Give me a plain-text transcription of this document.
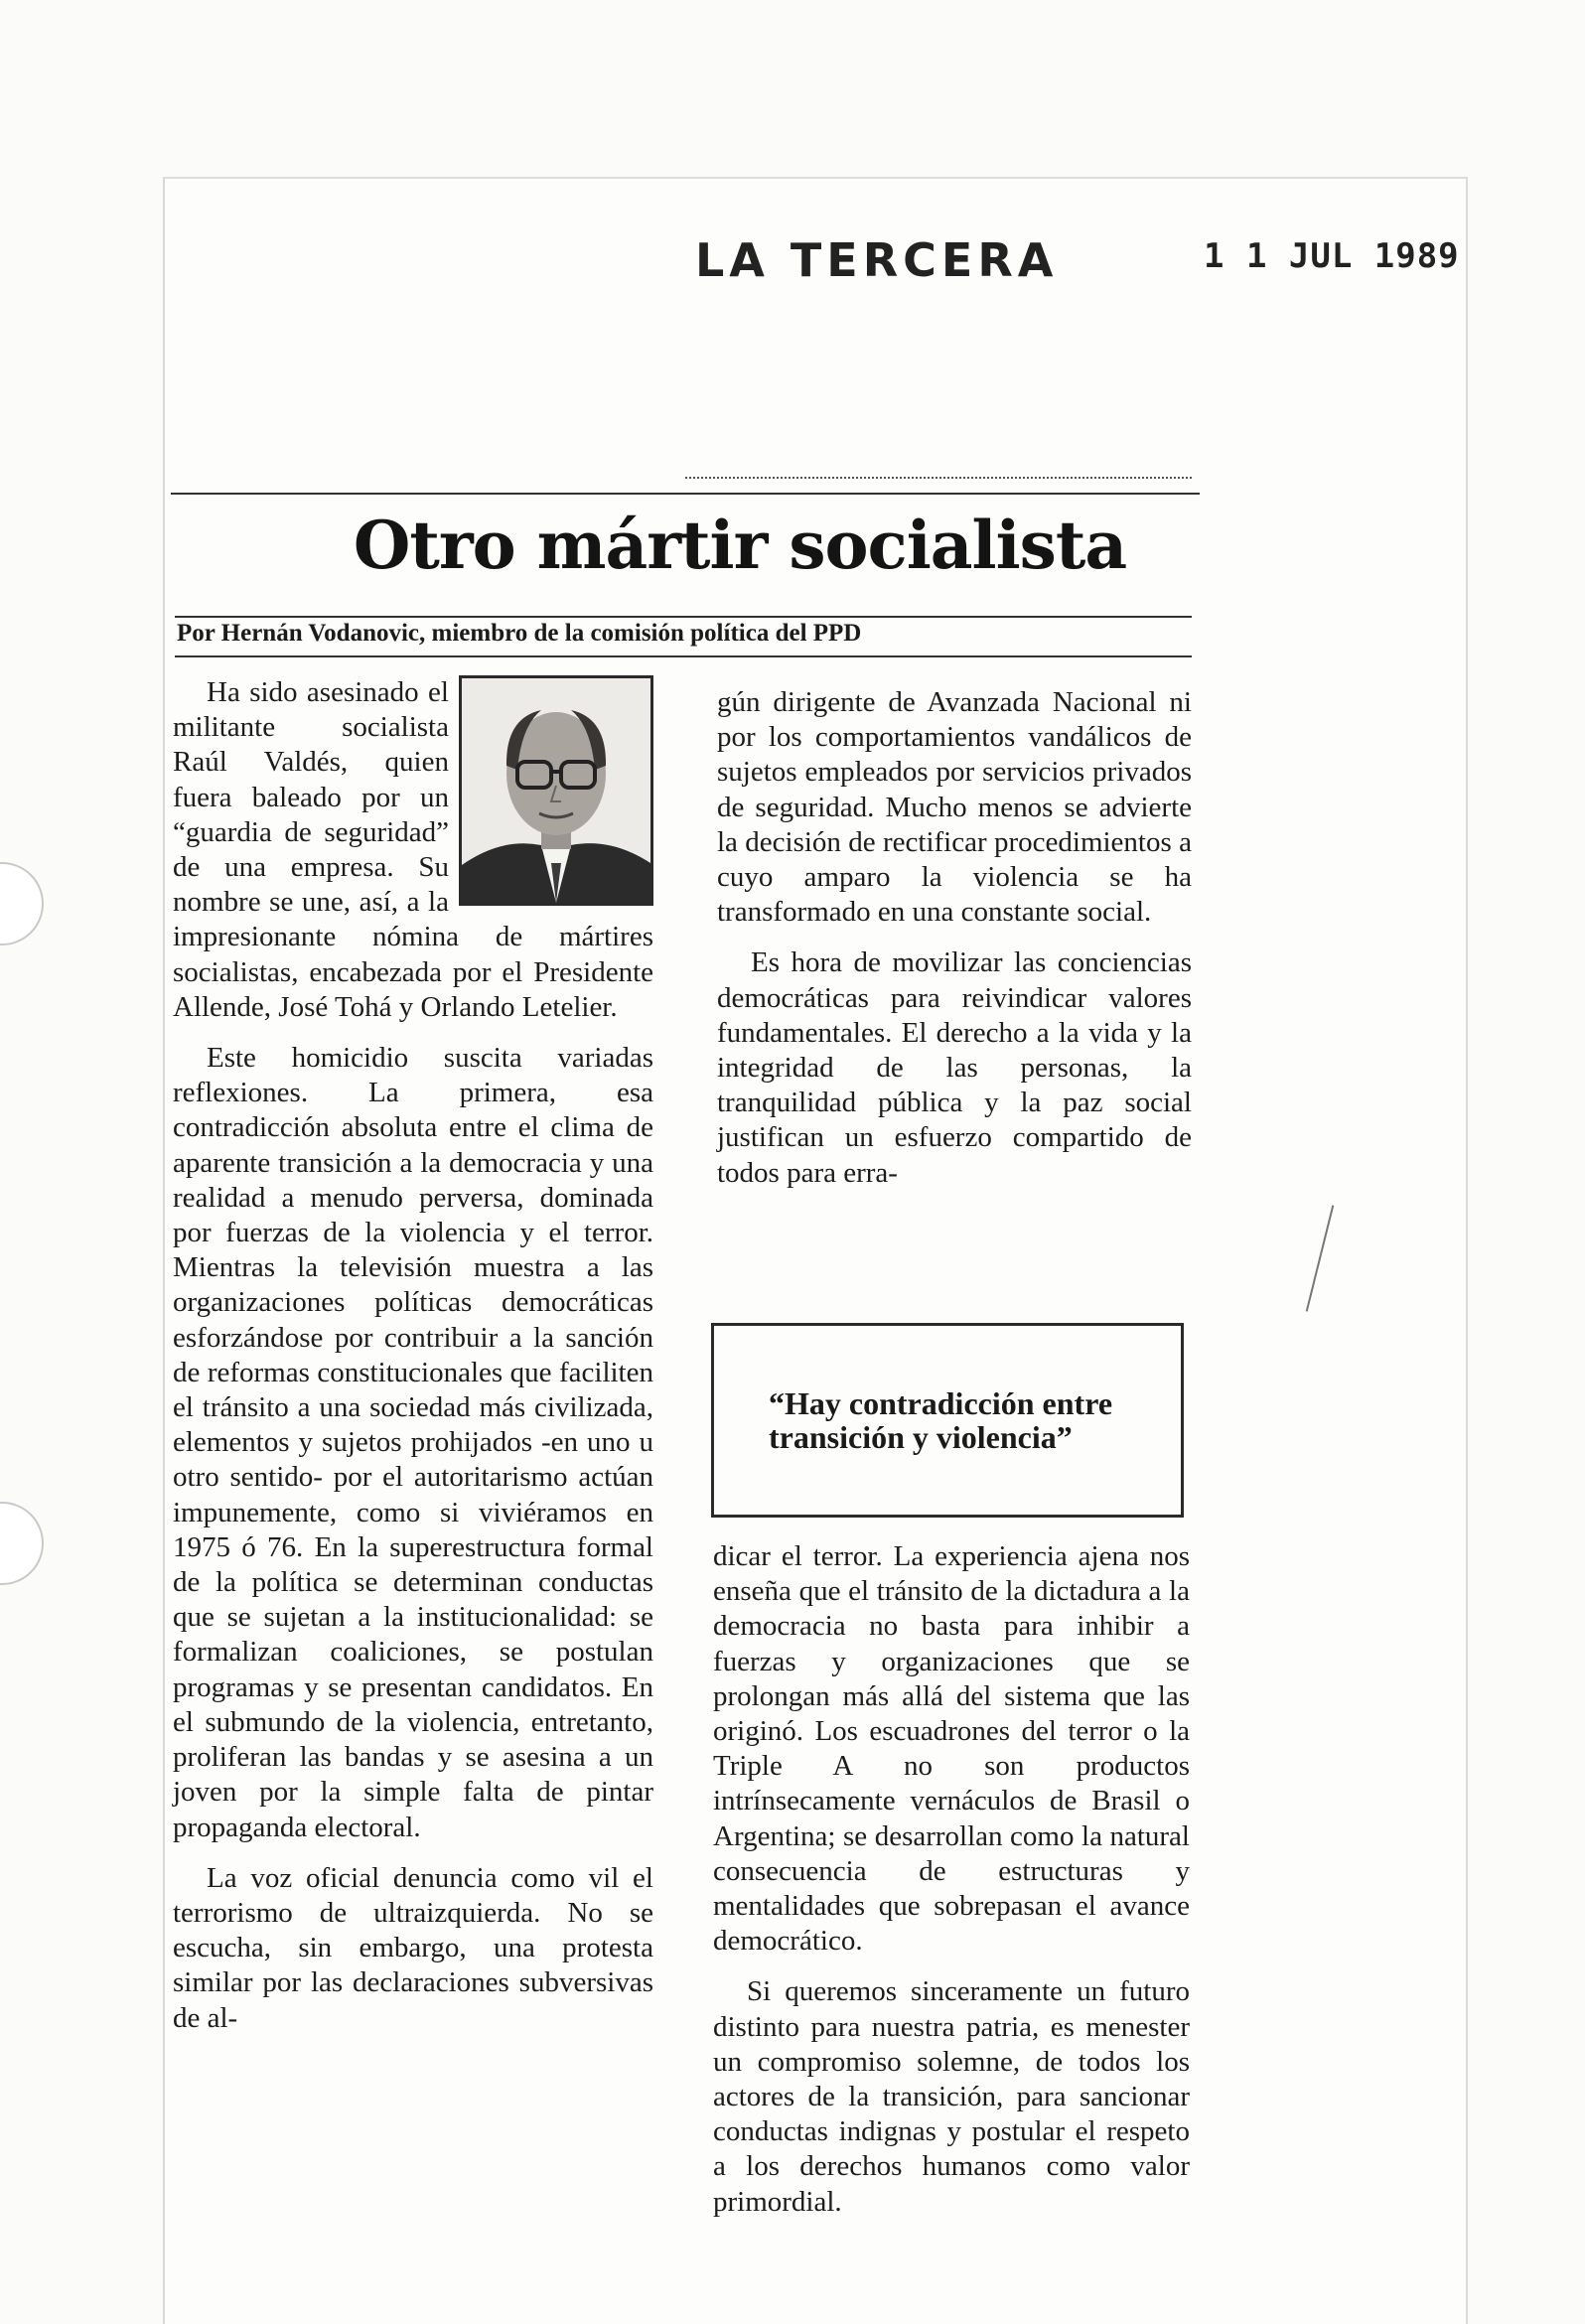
LA TERCERA	1 1 JUL 1989
Otro mártir socialista
Por Hernán Vodanovic, miembro de la comisión política del PPD

Ha sido asesinado el militante socialista Raúl Valdés, quien fuera baleado por un “guardia de seguridad” de una empresa. Su nombre se une, así, a la impresionante nómina de mártires socialistas, encabezada por el Presidente Allende, José Tohá y Orlando Letelier.

Este homicidio suscita variadas reflexiones. La primera, esa contradicción absoluta entre el clima de aparente transición a la democracia y una realidad a menudo perversa, dominada por fuerzas de la violencia y el terror. Mientras la televisión muestra a las organizaciones políticas democráticas esforzándose por contribuir a la sanción de reformas constitucionales que faciliten el tránsito a una sociedad más civilizada, elementos y sujetos prohijados -en uno u otro sentido- por el autoritarismo actúan impunemente, como si viviéramos en 1975 ó 76. En la superestructura formal de la política se determinan conductas que se sujetan a la institucionalidad: se formalizan coaliciones, se postulan programas y se presentan candidatos. En el submundo de la violencia, entretanto, proliferan las bandas y se asesina a un joven por la simple falta de pintar propaganda electoral.

La voz oficial denuncia como vil el terrorismo de ultraizquierda. No se escucha, sin embargo, una protesta similar por las declaraciones subversivas de al-

gún dirigente de Avanzada Nacional ni por los comportamientos vandálicos de sujetos empleados por servicios privados de seguridad. Mucho menos se advierte la decisión de rectificar procedimientos a cuyo amparo la violencia se ha transformado en una constante social.

Es hora de movilizar las conciencias democráticas para reivindicar valores fundamentales. El derecho a la vida y la integridad de las personas, la tranquilidad pública y la paz social justifican un esfuerzo compartido de todos para erra-

“Hay contradicción entre transición y violencia”

dicar el terror. La experiencia ajena nos enseña que el tránsito de la dictadura a la democracia no basta para inhibir a fuerzas y organizaciones que se prolongan más allá del sistema que las originó. Los escuadrones del terror o la Triple A no son productos intrínsecamente vernáculos de Brasil o Argentina; se desarrollan como la natural consecuencia de estructuras y mentalidades que sobrepasan el avance democrático.

Si queremos sinceramente un futuro distinto para nuestra patria, es menester un compromiso solemne, de todos los actores de la transición, para sancionar conductas indignas y postular el respeto a los derechos humanos como valor primordial.
